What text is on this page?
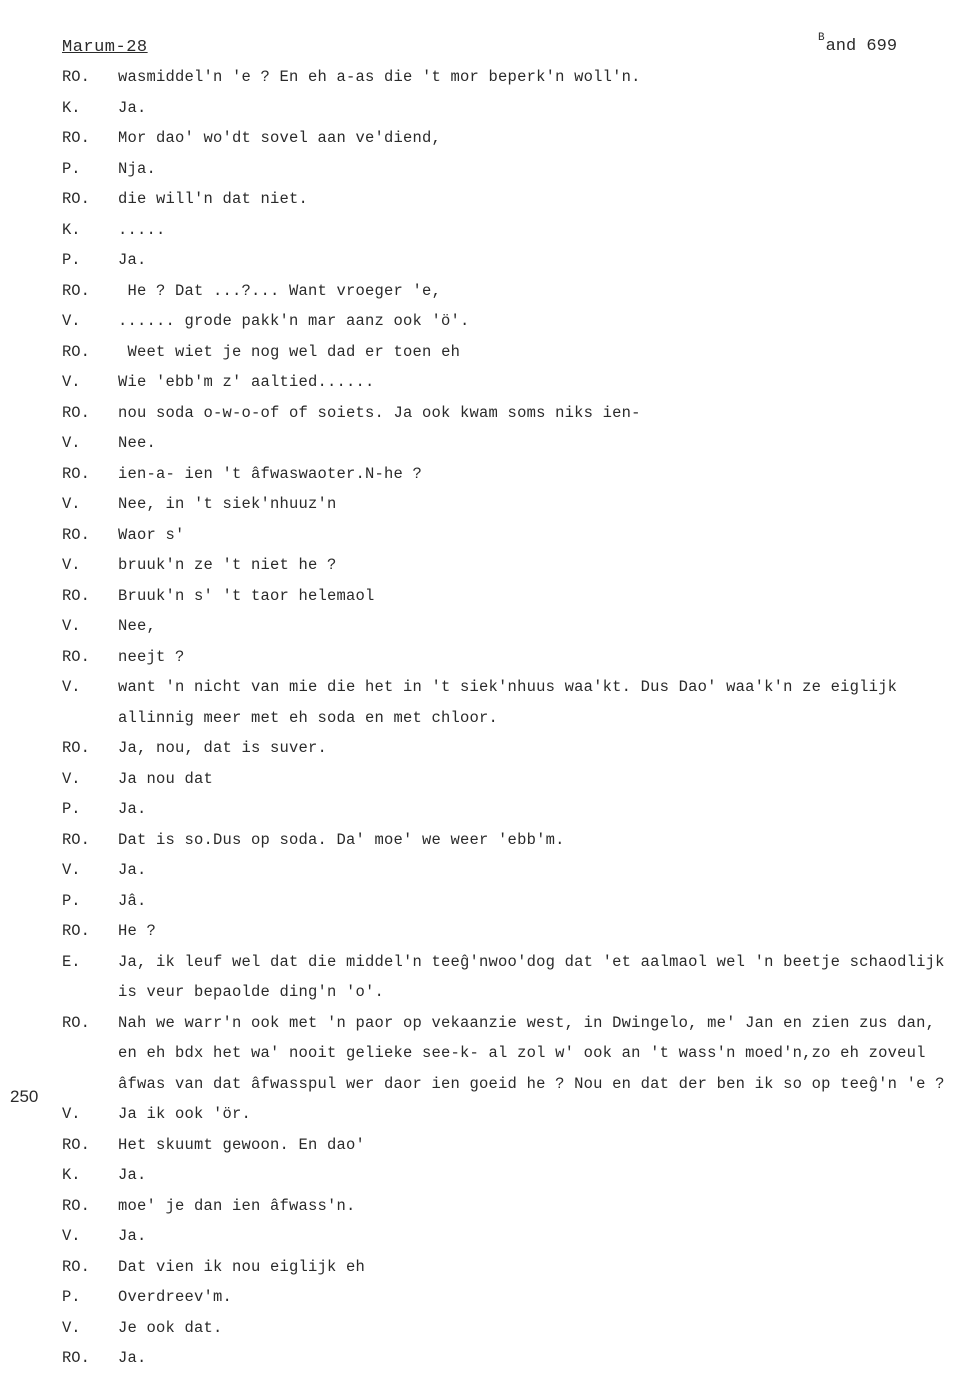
Marum-28	$^B$and 699
250
RO. wasmiddel'n 'e ? En eh a-as die 't mor beperk'n woll'n.
K. Ja.
RO. Mor dao' wo'dt sovel aan ve'diend,
P. Nja.
RO. die will'n dat niet.
K. .....
P. Ja.
RO. He ? Dat ...?... Want vroeger 'e,
V. ...... grode pakk'n mar aanz ook 'ö'.
RO. Weet wiet je nog wel dad er toen eh
V. Wie 'ebb'm z' aaltied......
RO. nou soda o-w-o-of of soiets. Ja ook kwam soms niks ien-
V. Nee.
RO. ien-a- ien 't âfwaswaoter.N-he ?
V. Nee, in 't siek'nhuuz'n
RO. Waor s'
V. bruuk'n ze 't niet he ?
RO. Bruuk'n s' 't taor helemaol
V. Nee,
RO. neejt ?
V. want 'n nicht van mie die het in 't siek'nhuus waa'kt. Dus Dao' waa'k'n ze eiglijk allinnig meer met eh soda en met chloor.
RO. Ja, nou, dat is suver.
V. Ja nou dat
P. Ja.
RO. Dat is so.Dus op soda. Da' moe' we weer 'ebb'm.
V. Ja.
P. Jâ.
RO. He ?
E. Ja, ik leuf wel dat die middel'n teeĝ'nwoo'dog dat 'et aalmaol wel 'n beetje schaodlijk is veur bepaolde ding'n 'o'.
RO. Nah we warr'n ook met 'n paor op vekaanzie west, in Dwingelo, me' Jan en zien zus dan, en eh bdx het wa' nooit gelieke see-k- al zol w' ook an 't wass'n moed'n,zo eh zoveul âfwas van dat âfwasspul wer daor ien goeid he ? Nou en dat der ben ik so op teeĝ'n 'e ?
V. Ja ik ook 'ör.
RO. Het skuumt gewoon. En dao'
K. Ja.
RO. moe' je dan ien âfwass'n.
V. Ja.
RO. Dat vien ik nou eiglijk eh
P. Overdreev'm.
V. Je ook dat.
RO. Ja.
